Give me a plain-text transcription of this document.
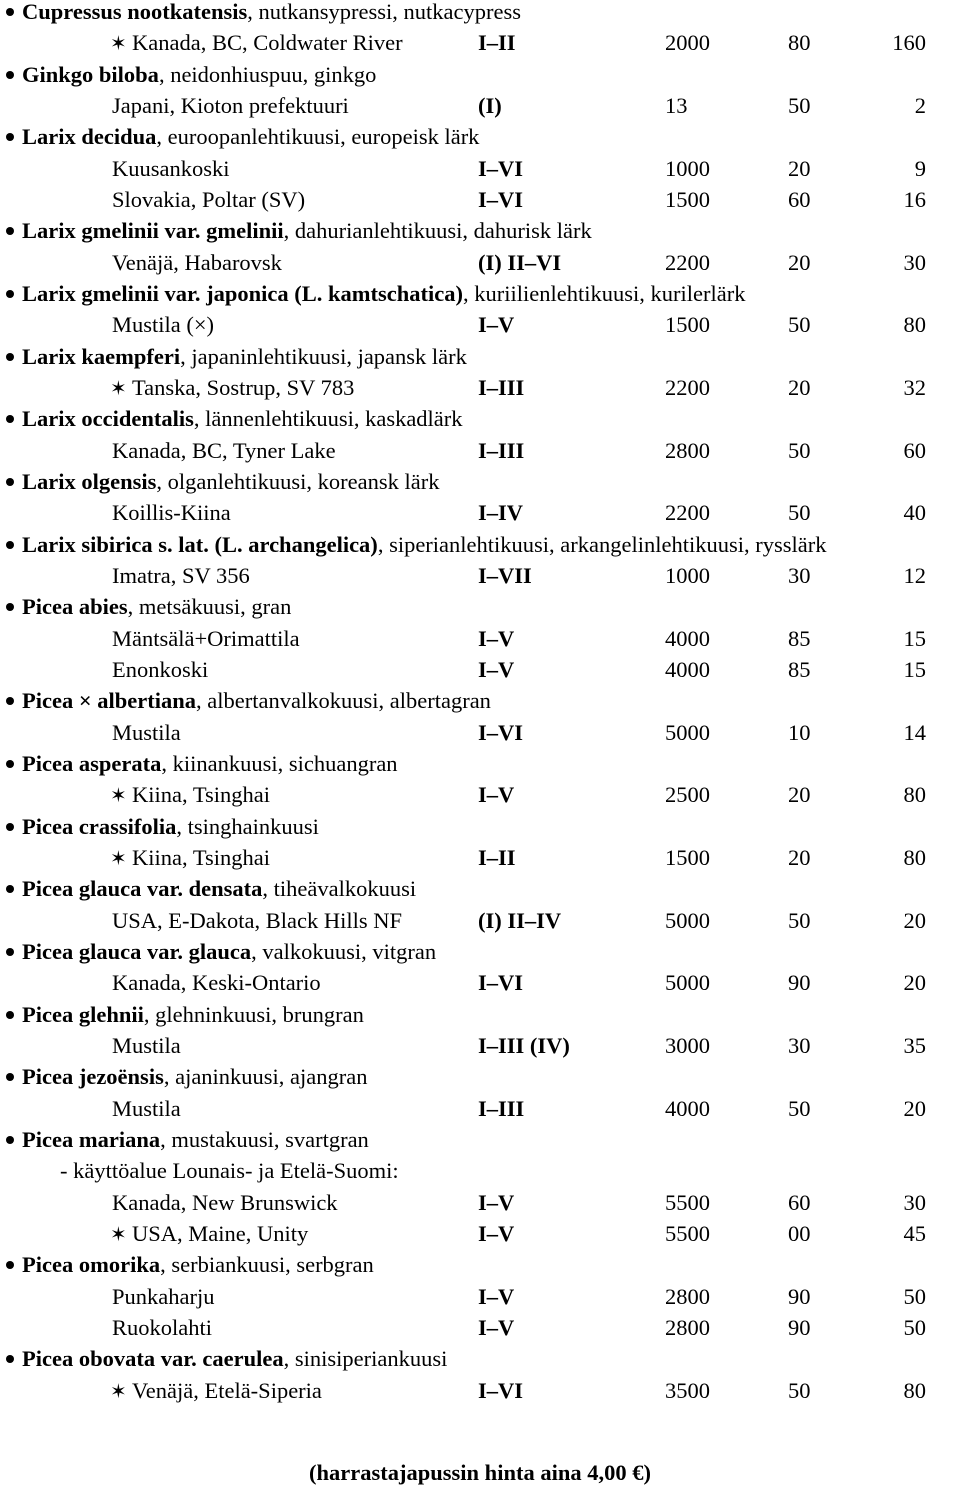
Cupressus nootkatensis, nutkansypressi, nutkacypress
✶ Kanada, BC, Coldwater River	I–II	2000	80	160
Ginkgo biloba, neidonhiuspuu, ginkgo
Japani, Kioton prefektuuri	(I)	13	50	2
Larix decidua, euroopanlehtikuusi, europeisk lärk
Kuusankoski	I–VI	1000	20	9
Slovakia, Poltar (SV)	I–VI	1500	60	16
Larix gmelinii var. gmelinii, dahurianlehtikuusi, dahurisk lärk
Venäjä, Habarovsk	(I) II–VI	2200	20	30
Larix gmelinii var. japonica (L. kamtschatica), kuriilienlehtikuusi, kurilerlärk
Mustila (×)	I–V	1500	50	80
Larix kaempferi, japaninlehtikuusi, japansk lärk
✶ Tanska, Sostrup, SV 783	I–III	2200	20	32
Larix occidentalis, lännenlehtikuusi, kaskadlärk
Kanada, BC, Tyner Lake	I–III	2800	50	60
Larix olgensis, olganlehtikuusi, koreansk lärk
Koillis-Kiina	I–IV	2200	50	40
Larix sibirica s. lat. (L. archangelica), siperianlehtikuusi, arkangelinlehtikuusi, rysslärk
Imatra, SV 356	I–VII	1000	30	12
Picea abies, metsäkuusi, gran
Mäntsälä+Orimattila	I–V	4000	85	15
Enonkoski	I–V	4000	85	15
Picea × albertiana, albertanvalkokuusi, albertagran
Mustila	I–VI	5000	10	14
Picea asperata, kiinankuusi, sichuangran
✶ Kiina, Tsinghai	I–V	2500	20	80
Picea crassifolia, tsinghainkuusi
✶ Kiina, Tsinghai	I–II	1500	20	80
Picea glauca var. densata, tiheävalkokuusi
USA, E-Dakota, Black Hills NF	(I) II–IV	5000	50	20
Picea glauca var. glauca, valkokuusi, vitgran
Kanada, Keski-Ontario	I–VI	5000	90	20
Picea glehnii, glehninkuusi, brungran
Mustila	I–III (IV)	3000	30	35
Picea jezoënsis, ajaninkuusi, ajangran
Mustila	I–III	4000	50	20
Picea mariana, mustakuusi, svartgran
- käyttöalue Lounais- ja Etelä-Suomi:
Kanada, New Brunswick	I–V	5500	60	30
✶ USA, Maine, Unity	I–V	5500	00	45
Picea omorika, serbiankuusi, serbgran
Punkaharju	I–V	2800	90	50
Ruokolahti	I–V	2800	90	50
Picea obovata var. caerulea, sinisiperiankuusi
✶ Venäjä, Etelä-Siperia	I–VI	3500	50	80
(harrastajapussin hinta aina 4,00 €)
